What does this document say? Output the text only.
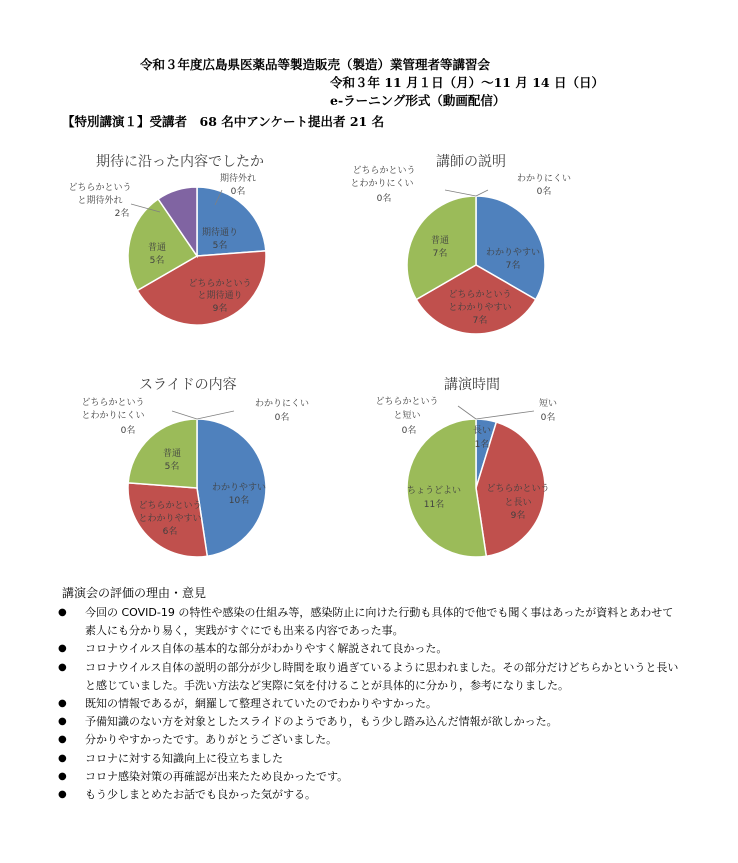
令和３年度広島県医薬品等製造販売（製造）業管理者等講習会
令和３年 11 月１日（月）～11 月 14 日（日）
e-ラーニング形式（動画配信）
【特別講演１】受講者　68 名中アンケート提出者 21 名
期待に沿った内容でしたか	講師の説明
スライドの内容	講演時間
期待通り
5名
どちらかという
と期待通り
9名
普通
5名
どちらかという
と期待外れ
2名
期待外れ
0名
わかりやすい
7名
どちらかという
とわかりやすい
7名
普通
7名
どちらかという
とわかりにくい
0名
わかりにくい
0名
わかりやすい
10名
どちらかという
とわかりやすい
6名
普通
5名
どちらかという
とわかりにくい
0名
わかりにくい
0名
長い
1名
どちらかという
と長い
9名
ちょうどよい
11名
どちらかという
と短い
0名
短い
0名
講演会の評価の理由・意見
● 今回の COVID-19 の特性や感染の仕組み等，感染防止に向けた行動も具体的で他でも聞く事はあったが資料とあわせて素人にも分かり易く，実践がすぐにでも出来る内容であった事。
● コロナウイルス自体の基本的な部分がわかりやすく解説されて良かった。
● コロナウイルス自体の説明の部分が少し時間を取り過ぎているように思われました。その部分だけどちらかというと長いと感じていました。手洗い方法など実際に気を付けることが具体的に分かり，参考になりました。
● 既知の情報であるが，網羅して整理されていたのでわかりやすかった。
● 予備知識のない方を対象としたスライドのようであり，もう少し踏み込んだ情報が欲しかった。
● 分かりやすかったです。ありがとうございました。
● コロナに対する知識向上に役立ちました
● コロナ感染対策の再確認が出来たため良かったです。
● もう少しまとめたお話でも良かった気がする。
